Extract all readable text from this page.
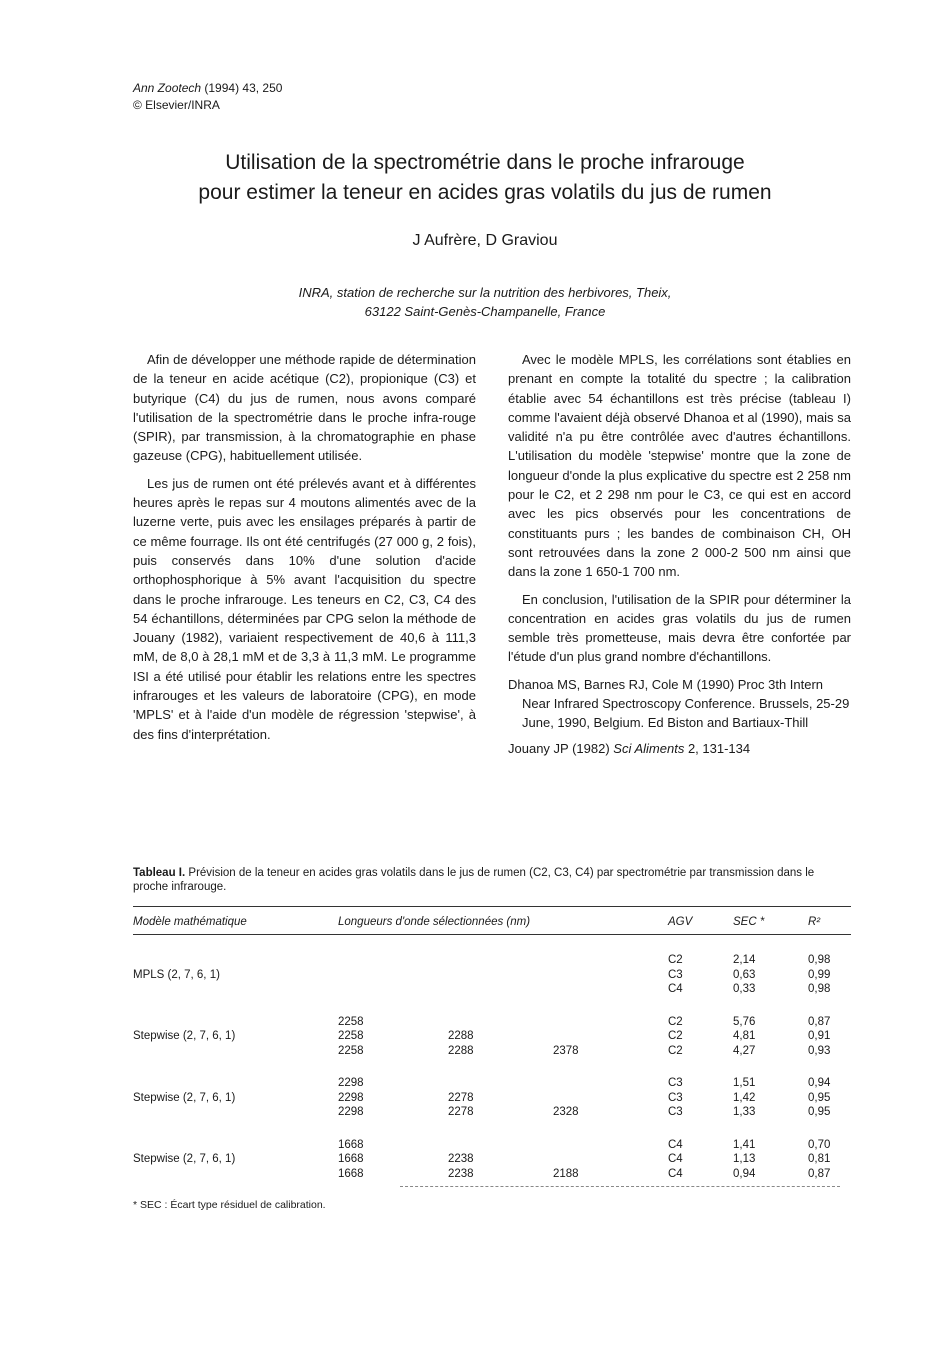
Ann Zootech (1994) 43, 250
© Elsevier/INRA
Utilisation de la spectrométrie dans le proche infrarouge
pour estimer la teneur en acides gras volatils du jus de rumen
J Aufrère, D Graviou
INRA, station de recherche sur la nutrition des herbivores, Theix,
63122 Saint-Genès-Champanelle, France

Afin de développer une méthode rapide de détermination de la teneur en acide acétique (C2), propionique (C3) et butyrique (C4) du jus de rumen, nous avons comparé l'utilisation de la spectrométrie dans le proche infra-rouge (SPIR), par transmission, à la chromatographie en phase gazeuse (CPG), habituellement utilisée.

Les jus de rumen ont été prélevés avant et à différentes heures après le repas sur 4 moutons alimentés avec de la luzerne verte, puis avec les ensilages préparés à partir de ce même fourrage. Ils ont été centrifugés (27 000 g, 2 fois), puis conservés dans 10% d'une solution d'acide orthophosphorique à 5% avant l'acquisition du spectre dans le proche infrarouge. Les teneurs en C2, C3, C4 des 54 échantillons, déterminées par CPG selon la méthode de Jouany (1982), variaient respectivement de 40,6 à 111,3 mM, de 8,0 à 28,1 mM et de 3,3 à 11,3 mM. Le programme ISI a été utilisé pour établir les relations entre les spectres infrarouges et les valeurs de laboratoire (CPG), en mode 'MPLS' et à l'aide d'un modèle de régression 'stepwise', à des fins d'interprétation.

Avec le modèle MPLS, les corrélations sont établies en prenant en compte la totalité du spectre ; la calibration établie avec 54 échantillons est très précise (tableau I) comme l'avaient déjà observé Dhanoa et al (1990), mais sa validité n'a pu être contrôlée avec d'autres échantillons. L'utilisation du modèle 'stepwise' montre que la zone de longueur d'onde la plus explicative du spectre est 2 258 nm pour le C2, et 2 298 nm pour le C3, ce qui est en accord avec les pics observés pour les concentrations de constituants purs ; les bandes de combinaison CH, OH sont retrouvées dans la zone 2 000-2 500 nm ainsi que dans la zone 1 650-1 700 nm.

En conclusion, l'utilisation de la SPIR pour déterminer la concentration en acides gras volatils du jus de rumen semble très prometteuse, mais devra être confortée par l'étude d'un plus grand nombre d'échantillons.

Dhanoa MS, Barnes RJ, Cole M (1990) Proc 3th Intern Near Infrared Spectroscopy Conference. Brussels, 25-29 June, 1990, Belgium. Ed Biston and Bartiaux-Thill

Jouany JP (1982) Sci Aliments 2, 131-134

Tableau I. Prévision de la teneur en acides gras volatils dans le jus de rumen (C2, C3, C4) par spectrométrie par transmission dans le proche infrarouge.
Modèle mathématique	Longueurs d'onde sélectionnées (nm)			AGV	SEC *	R²

				C2	2,14	0,98
MPLS (2, 7, 6, 1)				C3	0,63	0,99
				C4	0,33	0,98

	2258			C2	5,76	0,87
Stepwise (2, 7, 6, 1)	2258	2288		C2	4,81	0,91
	2258	2288	2378	C2	4,27	0,93

	2298			C3	1,51	0,94
Stepwise (2, 7, 6, 1)	2298	2278		C3	1,42	0,95
	2298	2278	2328	C3	1,33	0,95

	1668			C4	1,41	0,70
Stepwise (2, 7, 6, 1)	1668	2238		C4	1,13	0,81
	1668	2238	2188	C4	0,94	0,87

* SEC : Écart type résiduel de calibration.
